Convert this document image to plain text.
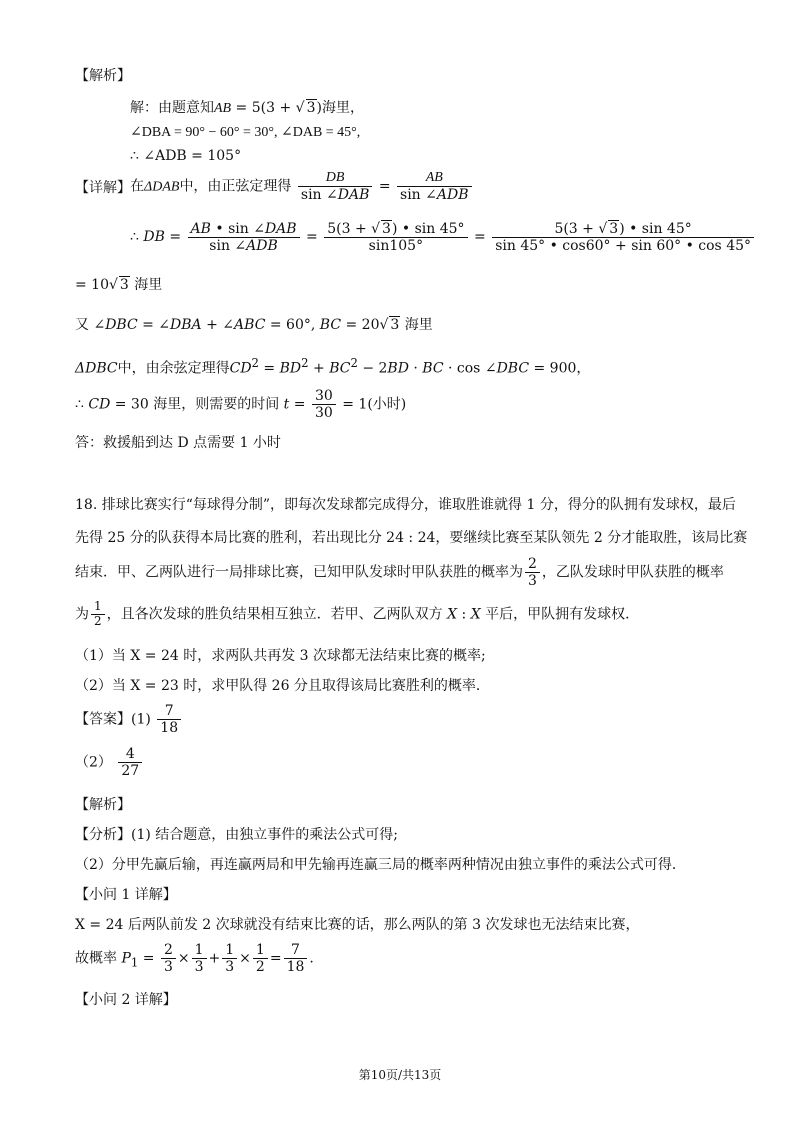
【解析】
解：由题意知AB = 5(3 + √ 3)海里，
∠DBA = 90° − 60° = 30°, ∠DAB = 45°,
∴ ∠ADB = 105°
【详解】 在ΔDAB中，由正弦定理得 $\frac{DB}{\text{sin ∠DAB}} = \frac{AB}{\text{sin ∠ADB}}$
∴ DB = $\frac{\text{AB • sin ∠DAB}}{\text{sin ∠ADB}} = \frac{5(3 + √ 3) • \sin 45^\circ}{\sin 105^\circ} = \frac{5(3 + √ 3) • \sin 45^\circ}{\sin 45^\circ • \cos 60^\circ + \sin 60^\circ • \cos 45^\circ}$
= 10√ 3 海里
又 ∠DBC = ∠DBA + ∠ABC = 60°, BC = 20√ 3 海里
ΔDBC中，由余弦定理得$CD^2 = BD^2 + BC^2 - 2BD$ · BC · cos ∠DBC = 900，
∴ CD = 30 海里，则需要的时间 $t = \frac{30}{30} = 1$(小时)
答：救援船到达 D 点需要 1 小时
18. 排球比赛实行“每球得分制”，即每次发球都完成得分，谁取胜谁就得 1 分，得分的队拥有发球权，最后
先得 25 分的队获得本局比赛的胜利，若出现比分 24 : 24，要继续比赛至某队领先 2 分才能取胜，该局比赛
结束．甲、乙两队进行一局排球比赛，已知甲队发球时甲队获胜的概率为 $\frac{2}{3}$ ，乙队发球时甲队获胜的概率
为 $\frac{1}{2}$ ，且各次发球的胜负结果相互独立．若甲、乙两队双方 X : X 平后，甲队拥有发球权．
（1）当 X = 24 时，求两队共再发 3 次球都无法结束比赛的概率;
（2）当 X = 23 时，求甲队得 26 分且取得该局比赛胜利的概率．
【答案】$(1) \frac{7}{18}$
$(2) \frac{4}{27}$
【解析】
【分析】(1) 结合题意，由独立事件的乘法公式可得;
（2）分甲先赢后输，再连赢两局和甲先输再连赢三局的概率两种情况由独立事件的乘法公式可得．
【小问 1 详解】
X = 24 后两队前发 2 次球就没有结束比赛的话，那么两队的第 3 次发球也无法结束比赛，
故概率 $P_1 = \frac{2}{3} \times \frac{1}{3} + \frac{1}{3} \times \frac{1}{2} = \frac{7}{18}$ .
【小问 2 详解】
第10页/共13页
